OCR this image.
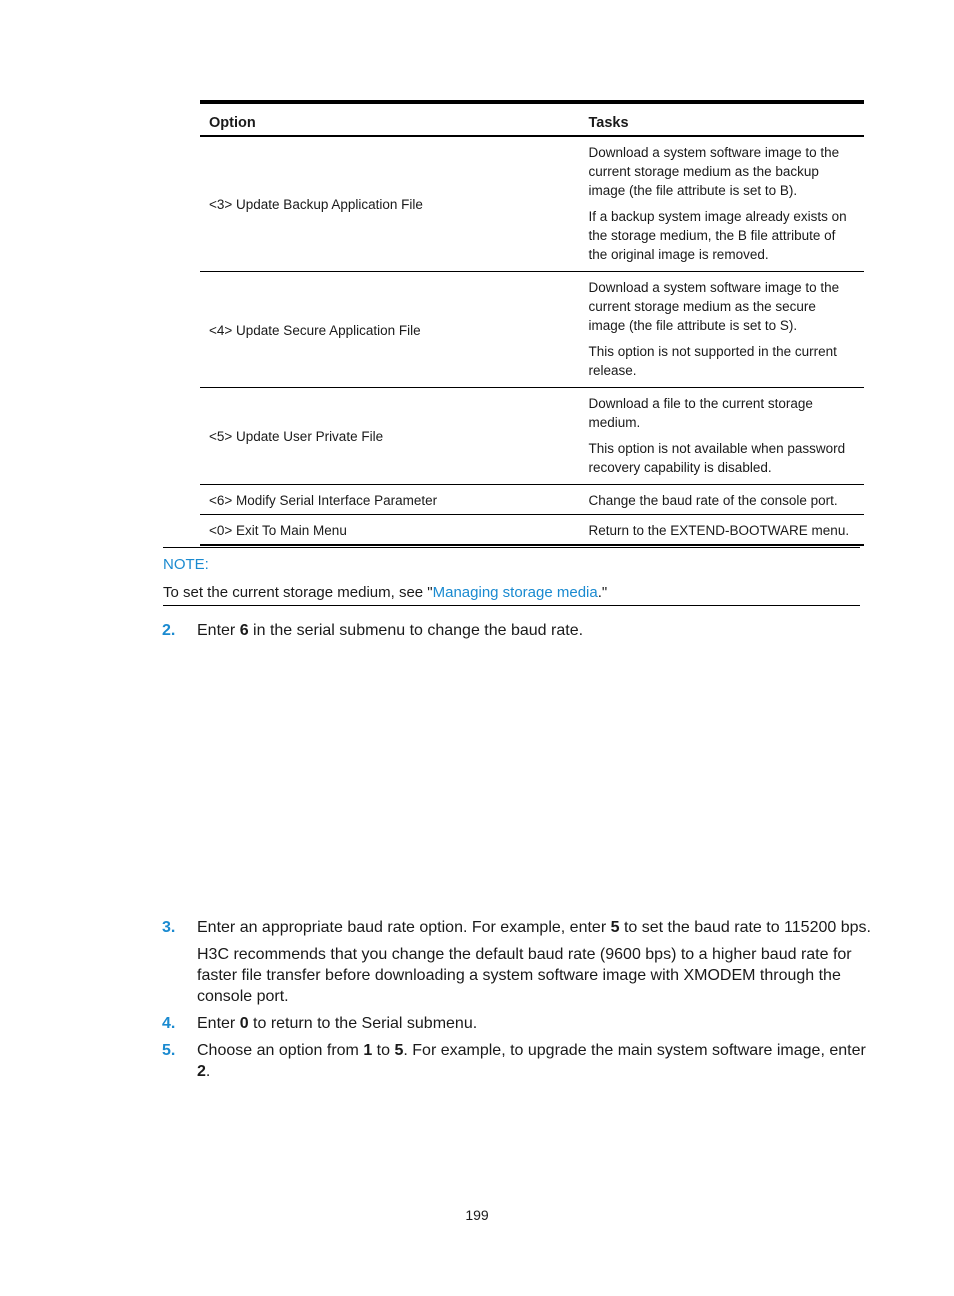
Option	Tasks
<3> Update Backup Application File	Download a system software image to the current storage medium as the backup image (the file attribute is set to B).

If a backup system image already exists on the storage medium, the B file attribute of the original image is removed.

<4> Update Secure Application File	Download a system software image to the current storage medium as the secure image (the file attribute is set to S).

This option is not supported in the current release.

<5> Update User Private File	Download a file to the current storage medium.

This option is not available when password recovery capability is disabled.

<6> Modify Serial Interface Parameter	Change the baud rate of the console port.
<0> Exit To Main Menu	Return to the EXTEND-BOOTWARE menu.
NOTE:
To set the current storage medium, see "Managing storage media."
2. Enter 6 in the serial submenu to change the baud rate.
3. Enter an appropriate baud rate option. For example, enter 5 to set the baud rate to 115200 bps.
H3C recommends that you change the default baud rate (9600 bps) to a higher baud rate for faster file transfer before downloading a system software image with XMODEM through the console port.
4. Enter 0 to return to the Serial submenu.
5. Choose an option from 1 to 5. For example, to upgrade the main system software image, enter 2.
199
